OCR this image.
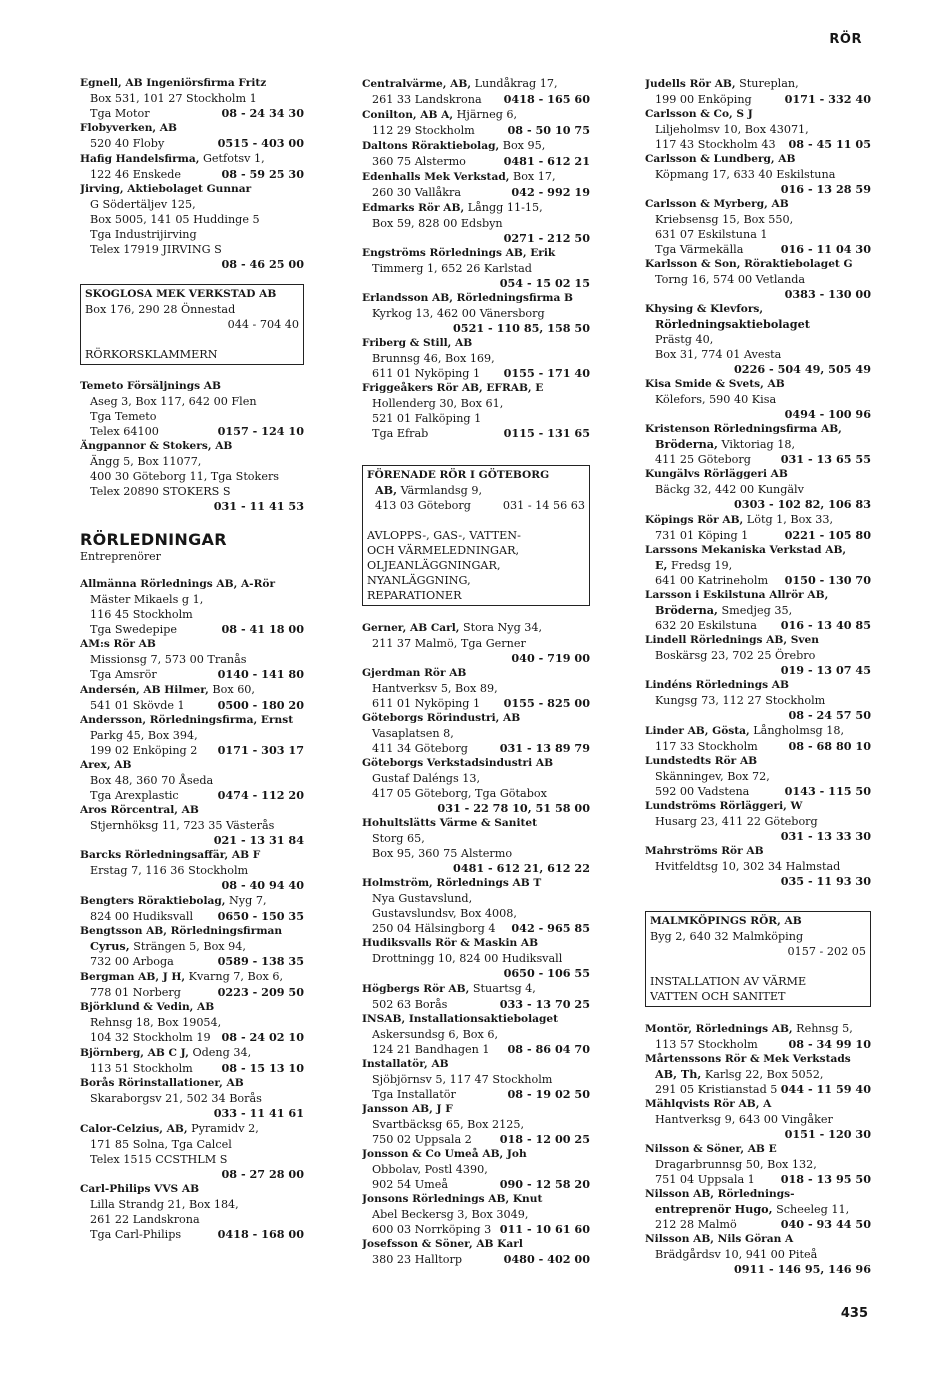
RÖR
Egnell, AB Ingeniörsfirma Fritz
Box 531, 101 27 Stockholm 1
Tga Motor	08 - 24 34 30
Flobyverken, AB
520 40 Floby	0515 - 403 00
Hafig Handelsfirma, Getfotsv 1,
122 46 Enskede	08 - 59 25 30
Jirving, Aktiebolaget Gunnar
G Södertäljev 125,
Box 5005, 141 05 Huddinge 5
Tga Industrijirving
Telex 17919 JIRVING S
08 - 46 25 00
SKOGLOSA MEK VERKSTAD AB
Box 176, 290 28 Önnestad
044 - 704 40
RÖRKORSKLAMMERN
Temeto Försäljnings AB
Aseg 3, Box 117, 642 00 Flen
Tga Temeto
Telex 64100	0157 - 124 10
Ängpannor & Stokers, AB
Ängg 5, Box 11077,
400 30 Göteborg 11, Tga Stokers
Telex 20890 STOKERS S
031 - 11 41 53
RÖRLEDNINGAR
Entreprenörer
Allmänna Rörlednings AB, A-Rör
Mäster Mikaels g 1,
116 45 Stockholm
Tga Swedepipe	08 - 41 18 00
AM:s Rör AB
Missionsg 7, 573 00 Tranås
Tga Amsrör	0140 - 141 80
Andersén, AB Hilmer, Box 60,
541 01 Skövde 1	0500 - 180 20
Andersson, Rörledningsfirma, Ernst
Parkg 45, Box 394,
199 02 Enköping 2 0171 - 303 17
Arex, AB
Box 48, 360 70 Åseda
Tga Arexplastic	0474 - 112 20
Aros Rörcentral, AB
Stjernhöksg 11, 723 35 Västerås
021 - 13 31 84
Barcks Rörledningsaffär, AB F
Erstag 7, 116 36 Stockholm
08 - 40 94 40
Bengters Röraktiebolag, Nyg 7,
824 00 Hudiksvall 0650 - 150 35
Bengtsson AB, Rörledningsfirman
Cyrus, Strängen 5, Box 94,
732 00 Arboga	0589 - 138 35
Bergman AB, J H, Kvarng 7, Box 6,
778 01 Norberg	0223 - 209 50
Björklund & Vedin, AB
Rehnsg 18, Box 19054,
104 32 Stockholm 19 08 - 24 02 10
Björnberg, AB C J, Odeng 34,
113 51 Stockholm	08 - 15 13 10
Borås Rörinstallationer, AB
Skaraborgsv 21, 502 34 Borås
033 - 11 41 61
Calor-Celzius, AB, Pyramidv 2,
171 85 Solna, Tga Calcel
Telex 1515 CCSTHLM S
08 - 27 28 00
Carl-Philips VVS AB
Lilla Strandg 21, Box 184,
261 22 Landskrona
Tga Carl-Philips	0418 - 168 00
Centralvärme, AB, Lundåkrag 17,
261 33 Landskrona 0418 - 165 60
Conilton, AB A, Hjärneg 6,
112 29 Stockholm	08 - 50 10 75
Daltons Röraktiebolag, Box 95,
360 75 Alstermo	0481 - 612 21
Edenhalls Mek Verkstad, Box 17,
260 30 Vallåkra	042 - 992 19
Edmarks Rör AB, Långg 11-15,
Box 59, 828 00 Edsbyn
0271 - 212 50
Engströms Rörlednings AB, Erik
Timmerg 1, 652 26 Karlstad
054 - 15 02 15
Erlandsson AB, Rörledningsfirma B
Kyrkog 13, 462 00 Vänersborg
0521 - 110 85, 158 50
Friberg & Still, AB
Brunnsg 46, Box 169,
611 01 Nyköping 1 0155 - 171 40
Friggeåkers Rör AB, EFRAB, E
Hollenderg 30, Box 61,
521 01 Falköping 1
Tga Efrab	0115 - 131 65
FÖRENADE RÖR I GÖTEBORG
AB, Värmlandsg 9,
413 03 Göteborg	031 - 14 56 63
AVLOPPS-, GAS-, VATTEN-
OCH VÄRMELEDNINGAR,
OLJEANLÄGGNINGAR,
NYANLÄGGNING,
REPARATIONER
Gerner, AB Carl, Stora Nyg 34,
211 37 Malmö, Tga Gerner
040 - 719 00
Gjerdman Rör AB
Hantverksv 5, Box 89,
611 01 Nyköping 1 0155 - 825 00
Göteborgs Rörindustri, AB
Vasaplatsen 8,
411 34 Göteborg	031 - 13 89 79
Göteborgs Verkstadsindustri AB
Gustaf Daléngs 13,
417 05 Göteborg, Tga Götabox
031 - 22 78 10, 51 58 00
Hohultslätts Värme & Sanitet
Storg 65,
Box 95, 360 75 Alstermo
0481 - 612 21, 612 22
Holmström, Rörlednings AB T
Nya Gustavslund,
Gustavslundsv, Box 4008,
250 04 Hälsingborg 4 042 - 965 85
Hudiksvalls Rör & Maskin AB
Drottningg 10, 824 00 Hudiksvall
0650 - 106 55
Högbergs Rör AB, Stuartsg 4,
502 63 Borås	033 - 13 70 25
INSAB, Installationsaktiebolaget
Askersundsg 6, Box 6,
124 21 Bandhagen 1 08 - 86 04 70
Installatör, AB
Sjöbjörnsv 5, 117 47 Stockholm
Tga Installatör	08 - 19 02 50
Jansson AB, J F
Svartbäcksg 65, Box 2125,
750 02 Uppsala 2 018 - 12 00 25
Jonsson & Co Umeå AB, Joh
Obbolav, Postl 4390,
902 54 Umeå	090 - 12 58 20
Jonsons Rörlednings AB, Knut
Abel Beckersg 3, Box 3049,
600 03 Norrköping 3 011 - 10 61 60
Josefsson & Söner, AB Karl
380 23 Halltorp	0480 - 402 00
Judells Rör AB, Stureplan,
199 00 Enköping	0171 - 332 40
Carlsson & Co, S J
Liljeholmsv 10, Box 43071,
117 43 Stockholm 43 08 - 45 11 05
Carlsson & Lundberg, AB
Köpmang 17, 633 40 Eskilstuna
016 - 13 28 59
Carlsson & Myrberg, AB
Kriebsensg 15, Box 550,
631 07 Eskilstuna 1
Tga Värmekälla	016 - 11 04 30
Karlsson & Son, Röraktiebolaget G
Torng 16, 574 00 Vetlanda
0383 - 130 00
Khysing & Klevfors,
Rörledningsaktiebolaget
Prästg 40,
Box 31, 774 01 Avesta
0226 - 504 49, 505 49
Kisa Smide & Svets, AB
Kölefors, 590 40 Kisa
0494 - 100 96
Kristenson Rörledningsfirma AB,
Bröderna, Viktoriag 18,
411 25 Göteborg	031 - 13 65 55
Kungälvs Rörläggeri AB
Bäckg 32, 442 00 Kungälv
0303 - 102 82, 106 83
Köpings Rör AB, Lötg 1, Box 33,
731 01 Köping 1	0221 - 105 80
Larssons Mekaniska Verkstad AB,
E, Fredsg 19,
641 00 Katrineholm 0150 - 130 70
Larsson i Eskilstuna Allrör AB,
Bröderna, Smedjeg 35,
632 20 Eskilstuna 016 - 13 40 85
Lindell Rörlednings AB, Sven
Boskärsg 23, 702 25 Örebro
019 - 13 07 45
Lindéns Rörlednings AB
Kungsg 73, 112 27 Stockholm
08 - 24 57 50
Linder AB, Gösta, Långholmsg 18,
117 33 Stockholm	08 - 68 80 10
Lundstedts Rör AB
Skänningev, Box 72,
592 00 Vadstena	0143 - 115 50
Lundströms Rörläggeri, W
Husarg 23, 411 22 Göteborg
031 - 13 33 30
Mahrströms Rör AB
Hvitfeldtsg 10, 302 34 Halmstad
035 - 11 93 30
MALMKÖPINGS RÖR, AB
Byg 2, 640 32 Malmköping
0157 - 202 05
INSTALLATION AV VÄRME
VATTEN OCH SANITET
Montör, Rörlednings AB, Rehnsg 5,
113 57 Stockholm	08 - 34 99 10
Mårtenssons Rör & Mek Verkstads
AB, Th, Karlsg 22, Box 5052,
291 05 Kristianstad 5 044 - 11 59 40
Mählqvists Rör AB, A
Hantverksg 9, 643 00 Vingåker
0151 - 120 30
Nilsson & Söner, AB E
Dragarbrunnsg 50, Box 132,
751 04 Uppsala 1 018 - 13 95 50
Nilsson AB, Rörlednings-
entreprenör Hugo, Scheeleg 11,
212 28 Malmö	040 - 93 44 50
Nilsson AB, Nils Göran A
Brädgårdsv 10, 941 00 Piteå
0911 - 146 95, 146 96
435
